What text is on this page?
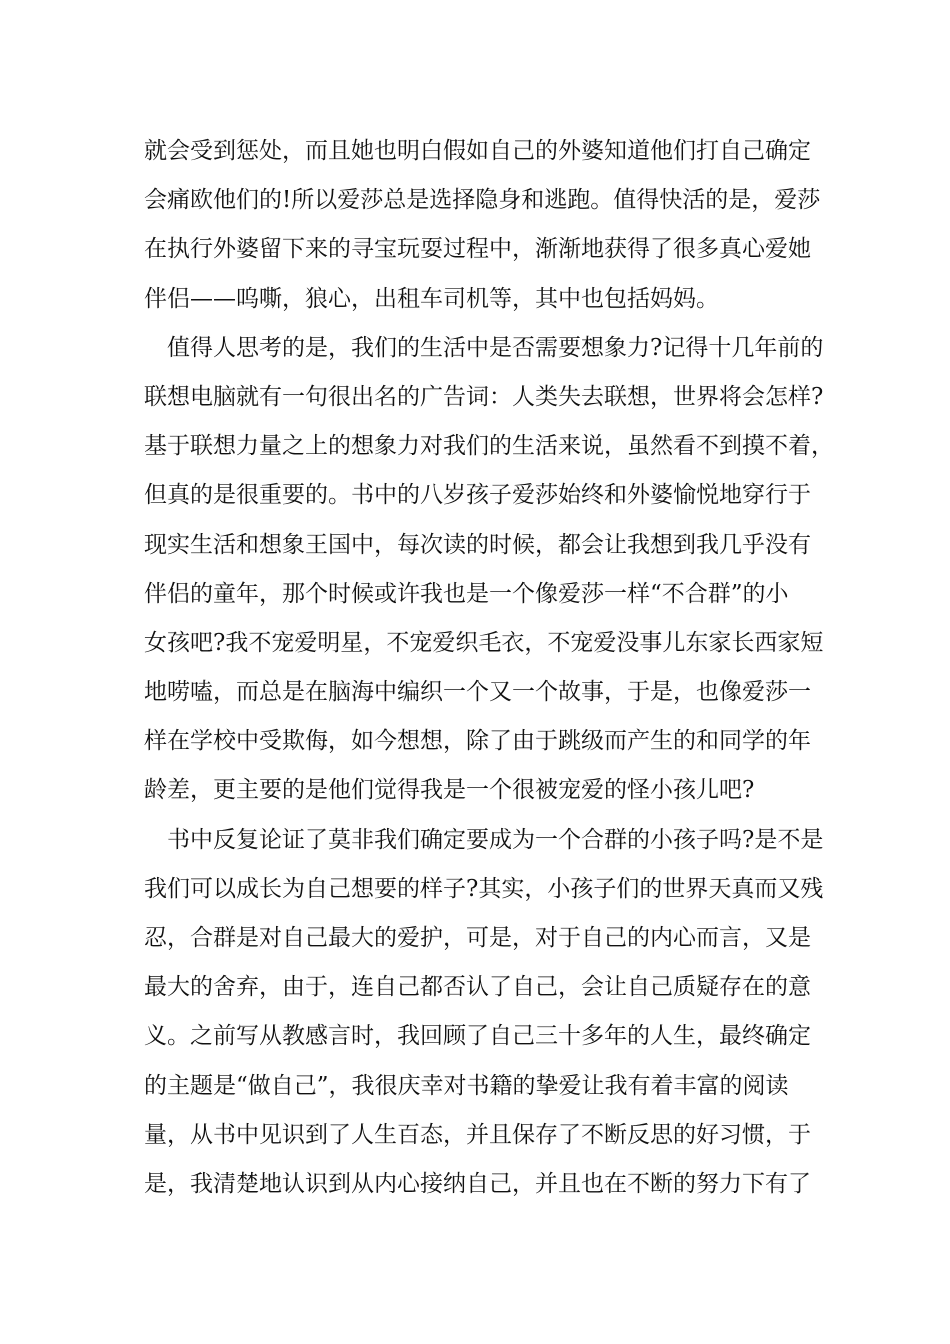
就会受到惩处，而且她也明白假如自己的外婆知道他们打自己确定
会痛欧他们的!所以爱莎总是选择隐身和逃跑。值得快活的是，爱莎
在执行外婆留下来的寻宝玩耍过程中，渐渐地获得了很多真心爱她
伴侣——呜嘶，狼心，出租车司机等，其中也包括妈妈。
值得人思考的是，我们的生活中是否需要想象力?记得十几年前的
联想电脑就有一句很出名的广告词：人类失去联想，世界将会怎样?
基于联想力量之上的想象力对我们的生活来说，虽然看不到摸不着，
但真的是很重要的。书中的八岁孩子爱莎始终和外婆愉悦地穿行于
现实生活和想象王国中，每次读的时候，都会让我想到我几乎没有
伴侣的童年，那个时候或许我也是一个像爱莎一样“不合群”的小
女孩吧?我不宠爱明星，不宠爱织毛衣，不宠爱没事儿东家长西家短
地唠嗑，而总是在脑海中编织一个又一个故事，于是，也像爱莎一
样在学校中受欺侮，如今想想，除了由于跳级而产生的和同学的年
龄差，更主要的是他们觉得我是一个很被宠爱的怪小孩儿吧?
书中反复论证了莫非我们确定要成为一个合群的小孩子吗?是不是
我们可以成长为自己想要的样子?其实，小孩子们的世界天真而又残
忍，合群是对自己最大的爱护，可是，对于自己的内心而言，又是
最大的舍弃，由于，连自己都否认了自己，会让自己质疑存在的意
义。之前写从教感言时，我回顾了自己三十多年的人生，最终确定
的主题是“做自己”，我很庆幸对书籍的挚爱让我有着丰富的阅读
量，从书中见识到了人生百态，并且保存了不断反思的好习惯，于
是，我清楚地认识到从内心接纳自己，并且也在不断的努力下有了
